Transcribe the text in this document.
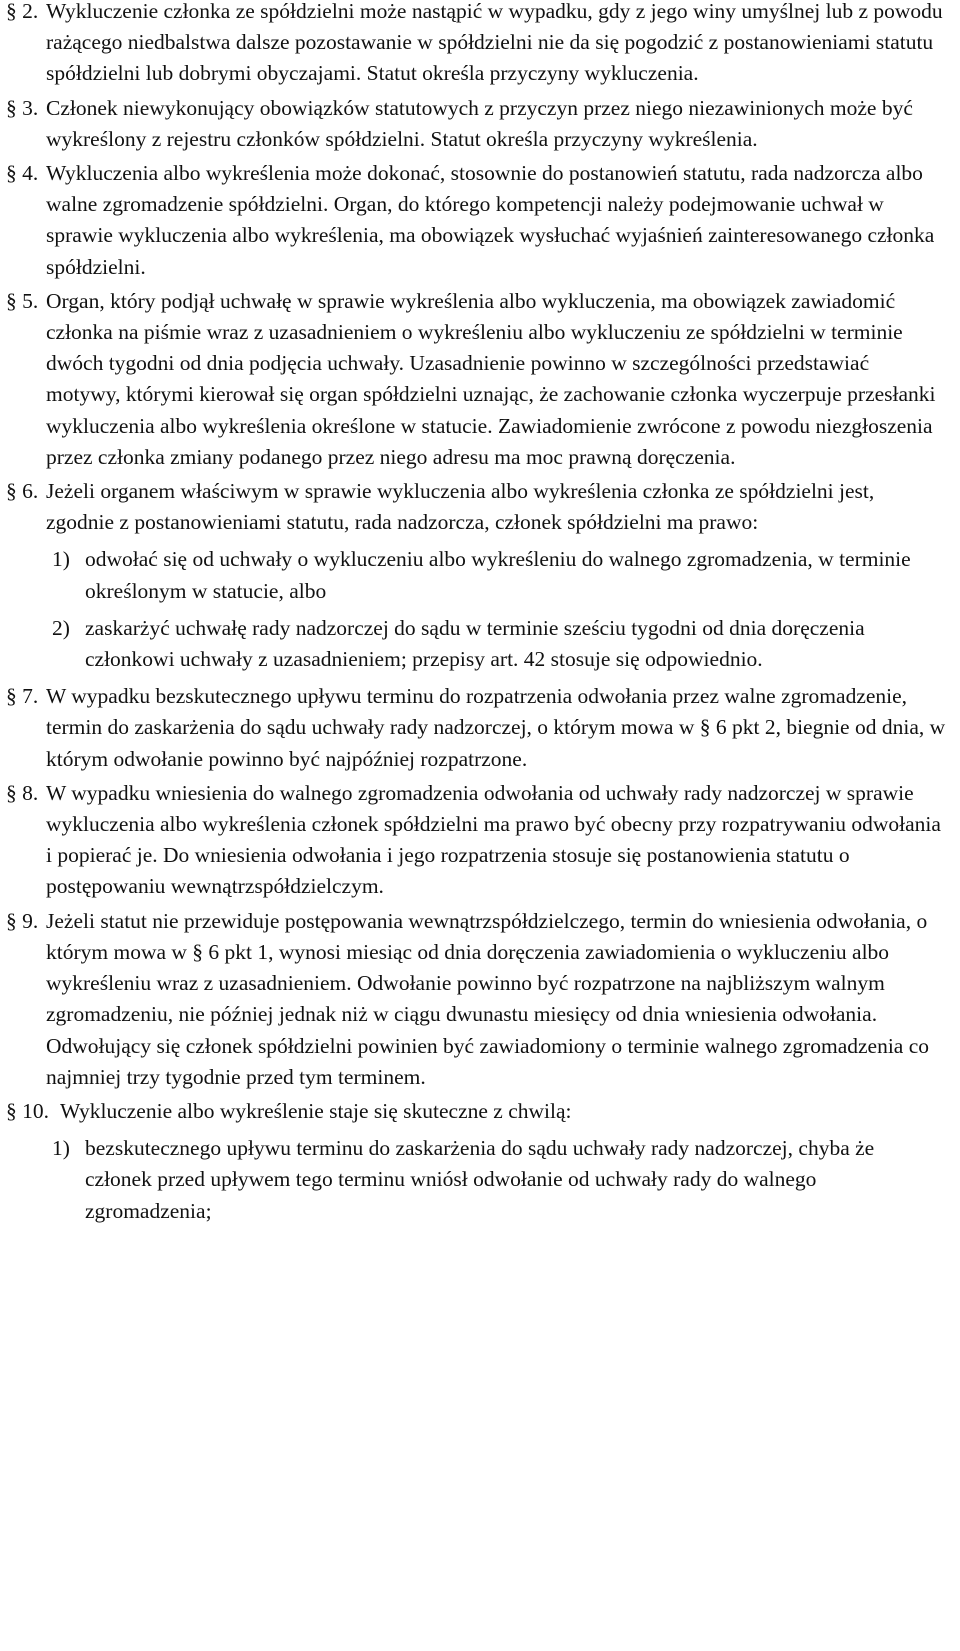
§ 2. Wykluczenie członka ze spółdzielni może nastąpić w wypadku, gdy z jego winy umyślnej lub z powodu rażącego niedbalstwa dalsze pozostawanie w spółdzielni nie da się pogodzić z postanowieniami statutu spółdzielni lub dobrymi obyczajami. Statut określa przyczyny wykluczenia.
§ 3. Członek niewykonujący obowiązków statutowych z przyczyn przez niego niezawinionych może być wykreślony z rejestru członków spółdzielni. Statut określa przyczyny wykreślenia.
§ 4. Wykluczenia albo wykreślenia może dokonać, stosownie do postanowień statutu, rada nadzorcza albo walne zgromadzenie spółdzielni. Organ, do którego kompetencji należy podejmowanie uchwał w sprawie wykluczenia albo wykreślenia, ma obowiązek wysłuchać wyjaśnień zainteresowanego członka spółdzielni.
§ 5. Organ, który podjął uchwałę w sprawie wykreślenia albo wykluczenia, ma obowiązek zawiadomić członka na piśmie wraz z uzasadnieniem o wykreśleniu albo wykluczeniu ze spółdzielni w terminie dwóch tygodni od dnia podjęcia uchwały. Uzasadnienie powinno w szczególności przedstawiać motywy, którymi kierował się organ spółdzielni uznając, że zachowanie członka wyczerpuje przesłanki wykluczenia albo wykreślenia określone w statucie. Zawiadomienie zwrócone z powodu niezgłoszenia przez członka zmiany podanego przez niego adresu ma moc prawną doręczenia.
§ 6. Jeżeli organem właściwym w sprawie wykluczenia albo wykreślenia członka ze spółdzielni jest, zgodnie z postanowieniami statutu, rada nadzorcza, członek spółdzielni ma prawo:
1) odwołać się od uchwały o wykluczeniu albo wykreśleniu do walnego zgromadzenia, w terminie określonym w statucie, albo
2) zaskarżyć uchwałę rady nadzorczej do sądu w terminie sześciu tygodni od dnia doręczenia członkowi uchwały z uzasadnieniem; przepisy art. 42 stosuje się odpowiednio.
§ 7. W wypadku bezskutecznego upływu terminu do rozpatrzenia odwołania przez walne zgromadzenie, termin do zaskarżenia do sądu uchwały rady nadzorczej, o którym mowa w § 6 pkt 2, biegnie od dnia, w którym odwołanie powinno być najpóźniej rozpatrzone.
§ 8. W wypadku wniesienia do walnego zgromadzenia odwołania od uchwały rady nadzorczej w sprawie wykluczenia albo wykreślenia członek spółdzielni ma prawo być obecny przy rozpatrywaniu odwołania i popierać je. Do wniesienia odwołania i jego rozpatrzenia stosuje się postanowienia statutu o postępowaniu wewnątrzspółdzielczym.
§ 9. Jeżeli statut nie przewiduje postępowania wewnątrzspółdzielczego, termin do wniesienia odwołania, o którym mowa w § 6 pkt 1, wynosi miesiąc od dnia doręczenia zawiadomienia o wykluczeniu albo wykreśleniu wraz z uzasadnieniem. Odwołanie powinno być rozpatrzone na najbliższym walnym zgromadzeniu, nie później jednak niż w ciągu dwunastu miesięcy od dnia wniesienia odwołania. Odwołujący się członek spółdzielni powinien być zawiadomiony o terminie walnego zgromadzenia co najmniej trzy tygodnie przed tym terminem.
§ 10. Wykluczenie albo wykreślenie staje się skuteczne z chwilą:
1) bezskutecznego upływu terminu do zaskarżenia do sądu uchwały rady nadzorczej, chyba że członek przed upływem tego terminu wniósł odwołanie od uchwały rady do walnego zgromadzenia;
